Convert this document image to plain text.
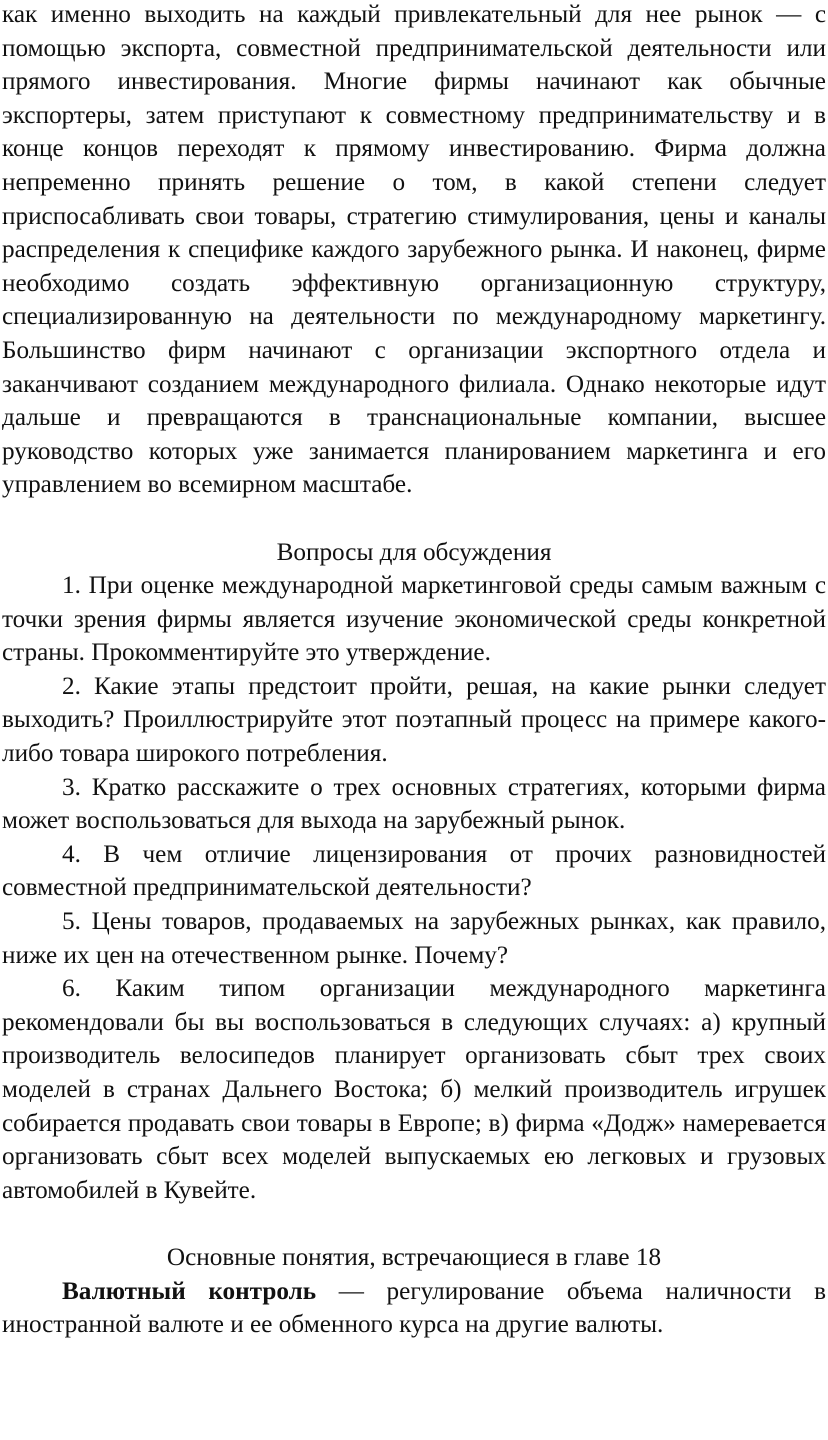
как именно выходить на каждый привлекательный для нее рынок — с помощью экспорта, совместной предпринимательской деятельности или прямого инвестирования. Многие фирмы начинают как обычные экспортеры, затем приступают к совместному предпринимательству и в конце концов переходят к прямому инвестированию. Фирма должна непременно принять решение о том, в какой степени следует приспосабливать свои товары, стратегию стимулирования, цены и каналы распределения к специфике каждого зарубежного рынка. И наконец, фирме необходимо создать эффективную организационную структуру, специализированную на деятельности по международному маркетингу. Большинство фирм начинают с организации экспортного отдела и заканчивают созданием международного филиала. Однако некоторые идут дальше и превращаются в транснациональные компании, высшее руководство которых уже занимается планированием маркетинга и его управлением во всемирном масштабе.

Вопросы для обсуждения

1. При оценке международной маркетинговой среды самым важным с точки зрения фирмы является изучение экономической среды конкретной страны. Прокомментируйте это утверждение.

2. Какие этапы предстоит пройти, решая, на какие рынки следует выходить? Проиллюстрируйте этот поэтапный процесс на примере какого-либо товара широкого потребления.

3. Кратко расскажите о трех основных стратегиях, которыми фирма может воспользоваться для выхода на зарубежный рынок.

4. В чем отличие лицензирования от прочих разновидностей совместной предпринимательской деятельности?

5. Цены товаров, продаваемых на зарубежных рынках, как правило, ниже их цен на отечественном рынке. Почему?

6. Каким типом организации международного маркетинга рекомендовали бы вы воспользоваться в следующих случаях: а) крупный производитель велосипедов планирует организовать сбыт трех своих моделей в странах Дальнего Востока; б) мелкий производитель игрушек собирается продавать свои товары в Европе; в) фирма «Додж» намеревается организовать сбыт всех моделей выпускаемых ею легковых и грузовых автомобилей в Кувейте.

Основные понятия, встречающиеся в главе 18

Валютный контроль — регулирование объема наличности в иностранной валюте и ее обменного курса на другие валюты.
